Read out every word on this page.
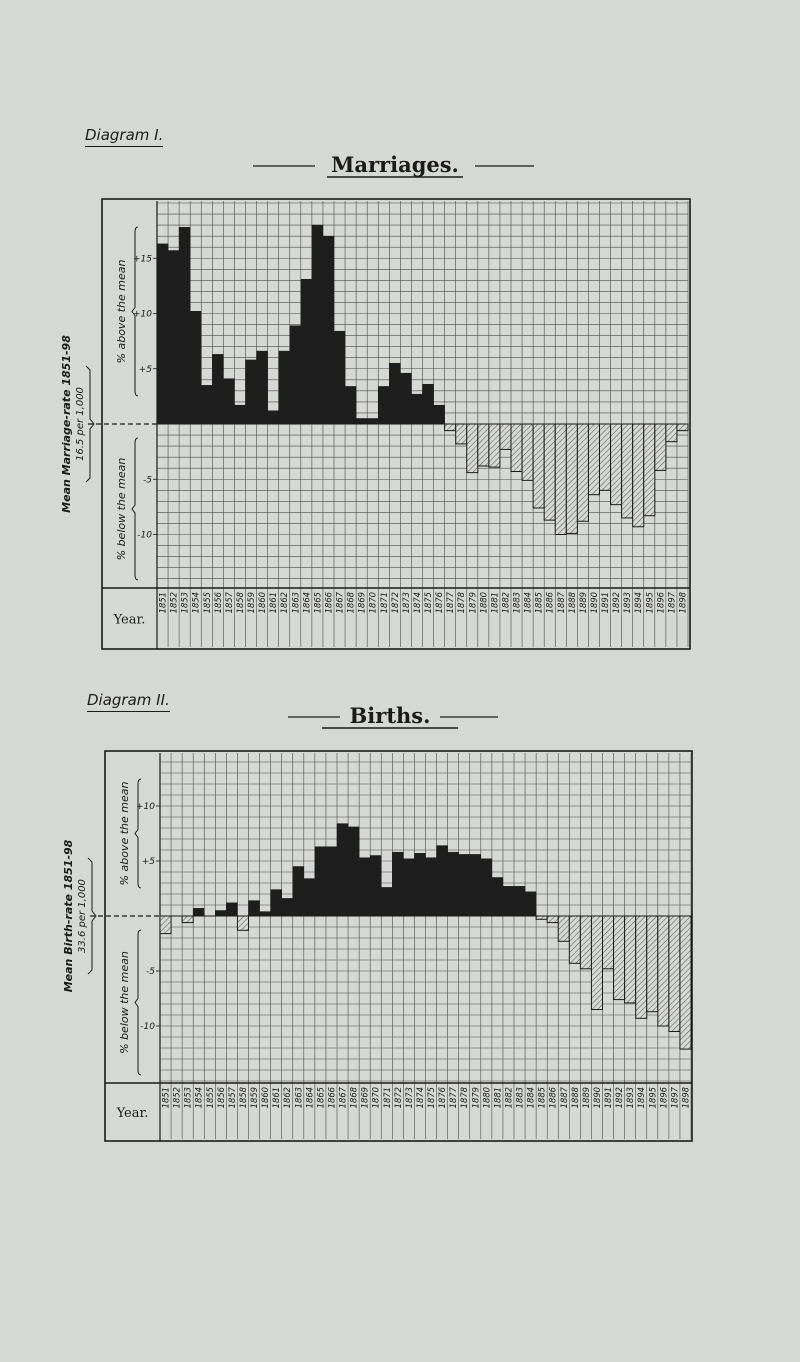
Diagram I.
Diagram II.
Marriages.
+15
+10
+5
-5
-10
% above the mean
% below the mean
Mean Marriage-rate 1851-98 16.5 per 1,000
Year.
1851 1852 1853 1854 1855 1856 1857 1858 1859 1860 1861 1862 1863 1864 1865 1866 1867 1868 1869 1870 1871 1872 1873 1874 1875 1876 1877 1878 1879 1880 1881 1882 1883 1884 1885 1886 1887 1888 1889 1890 1891 1892 1893 1894 1895 1896 1897 1898
Births.
+10
+5
-5
-10
% above the mean
% below the mean
Mean Birth-rate 1851-98 33.6 per 1,000
Year.
1851 1852 1853 1854 1855 1856 1857 1858 1859 1860 1861 1862 1863 1864 1865 1866 1867 1868 1869 1870 1871 1872 1873 1874 1875 1876 1877 1878 1879 1880 1881 1882 1883 1884 1885 1886 1887 1888 1889 1890 1891 1892 1893 1894 1895 1896 1897 1898
